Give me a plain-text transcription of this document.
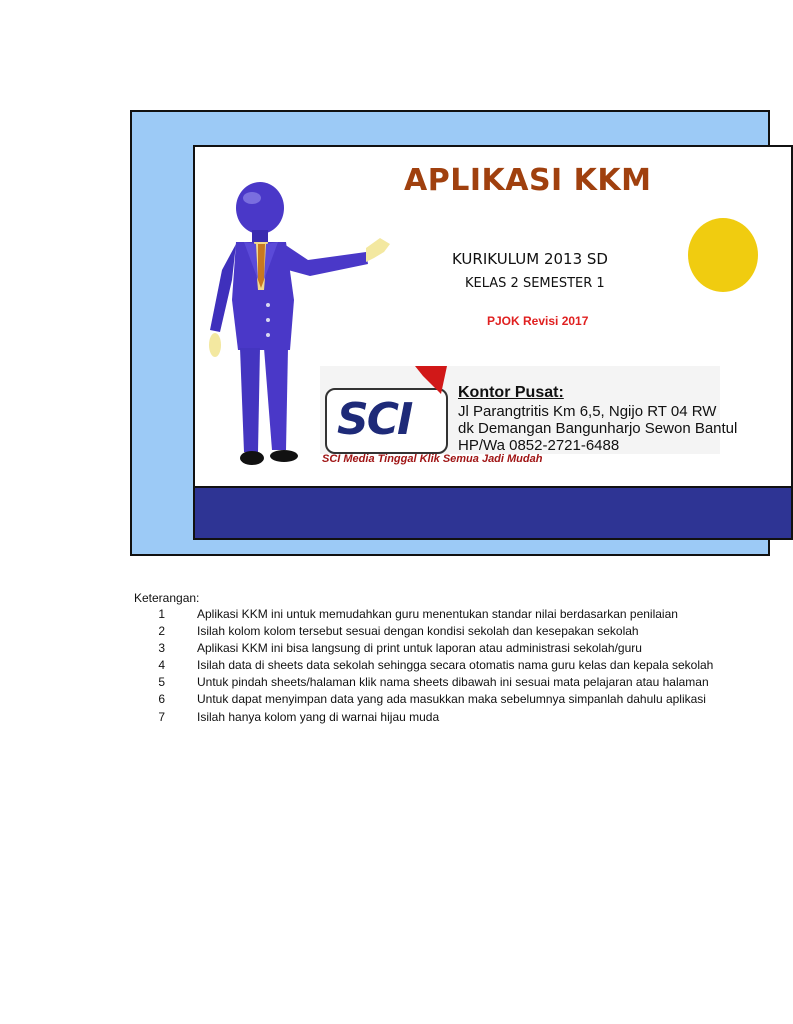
APLIKASI KKM
KURIKULUM 2013 SD
KELAS 2 SEMESTER 1
PJOK Revisi 2017
SCI
Kontor Pusat:
Jl Parangtritis Km 6,5, Ngijo RT 04 RW
dk Demangan Bangunharjo Sewon Bantul
HP/Wa 0852-2721-6488
SCI Media Tinggal Klik Semua Jadi Mudah
Keterangan:
1	Aplikasi KKM ini untuk memudahkan guru menentukan standar nilai berdasarkan penilaian
2	Isilah kolom kolom tersebut sesuai dengan kondisi sekolah dan kesepakan sekolah
3	Aplikasi KKM ini bisa langsung di print untuk laporan atau administrasi sekolah/guru
4	Isilah data di sheets data sekolah sehingga secara otomatis nama guru kelas dan kepala sekolah
5	Untuk pindah sheets/halaman klik nama sheets dibawah ini sesuai mata pelajaran atau halaman
6	Untuk dapat menyimpan data yang ada masukkan maka sebelumnya simpanlah dahulu aplikasi
7	Isilah hanya kolom yang di warnai hijau muda
